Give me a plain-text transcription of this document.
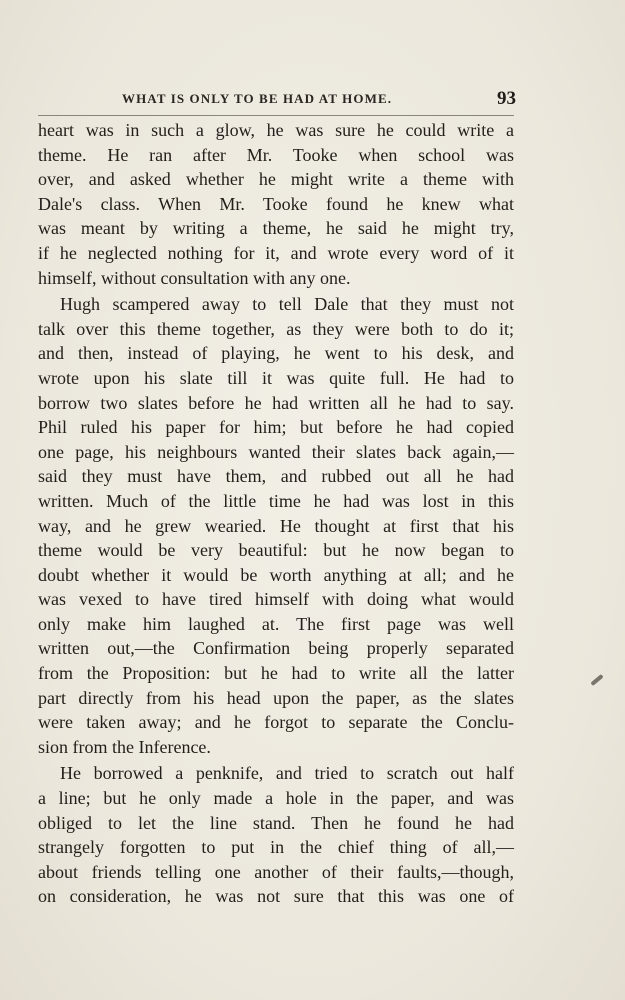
WHAT IS ONLY TO BE HAD AT HOME.	93
heart was in such a glow, he was sure he could write a
theme. He ran after Mr. Tooke when school was
over, and asked whether he might write a theme with
Dale's class. When Mr. Tooke found he knew what
was meant by writing a theme, he said he might try,
if he neglected nothing for it, and wrote every word of it
himself, without consultation with any one.
Hugh scampered away to tell Dale that they must not
talk over this theme together, as they were both to do it;
and then, instead of playing, he went to his desk, and
wrote upon his slate till it was quite full. He had to
borrow two slates before he had written all he had to say.
Phil ruled his paper for him; but before he had copied
one page, his neighbours wanted their slates back again,—
said they must have them, and rubbed out all he had
written. Much of the little time he had was lost in this
way, and he grew wearied. He thought at first that his
theme would be very beautiful: but he now began to
doubt whether it would be worth anything at all; and he
was vexed to have tired himself with doing what would
only make him laughed at. The first page was well
written out,—the Confirmation being properly separated
from the Proposition: but he had to write all the latter
part directly from his head upon the paper, as the slates
were taken away; and he forgot to separate the Conclu-
sion from the Inference.
He borrowed a penknife, and tried to scratch out half
a line; but he only made a hole in the paper, and was
obliged to let the line stand. Then he found he had
strangely forgotten to put in the chief thing of all,—
about friends telling one another of their faults,—though,
on consideration, he was not sure that this was one of
